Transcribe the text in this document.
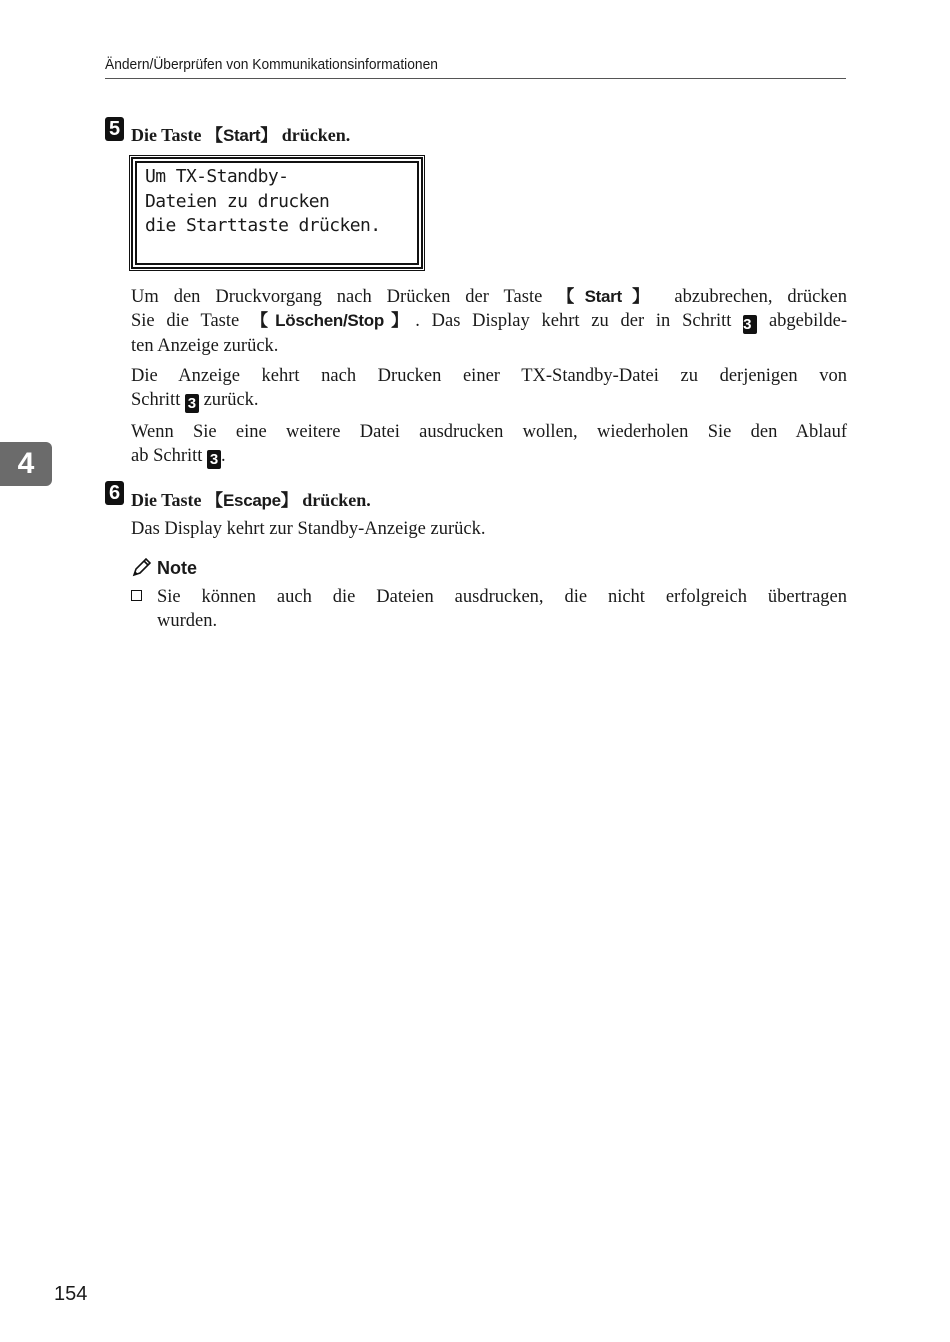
Ändern/Überprüfen von Kommunikationsinformationen
4
5 Die Taste 【Start】 drücken.
Um TX-Standby-
Dateien zu drucken
die Starttaste drücken.
Um den Druckvorgang nach Drücken der Taste 【Start】 abzubrechen, drücken
Sie die Taste 【Löschen/Stop】. Das Display kehrt zu der in Schritt 3 abgebilde-
ten Anzeige zurück.
Die Anzeige kehrt nach Drucken einer TX-Standby-Datei zu derjenigen von
Schritt 3 zurück.
Wenn Sie eine weitere Datei ausdrucken wollen, wiederholen Sie den Ablauf
ab Schritt 3 .
6 Die Taste 【Escape】 drücken.
Das Display kehrt zur Standby-Anzeige zurück.
Note
Sie können auch die Dateien ausdrucken, die nicht erfolgreich übertragen
wurden.
154
